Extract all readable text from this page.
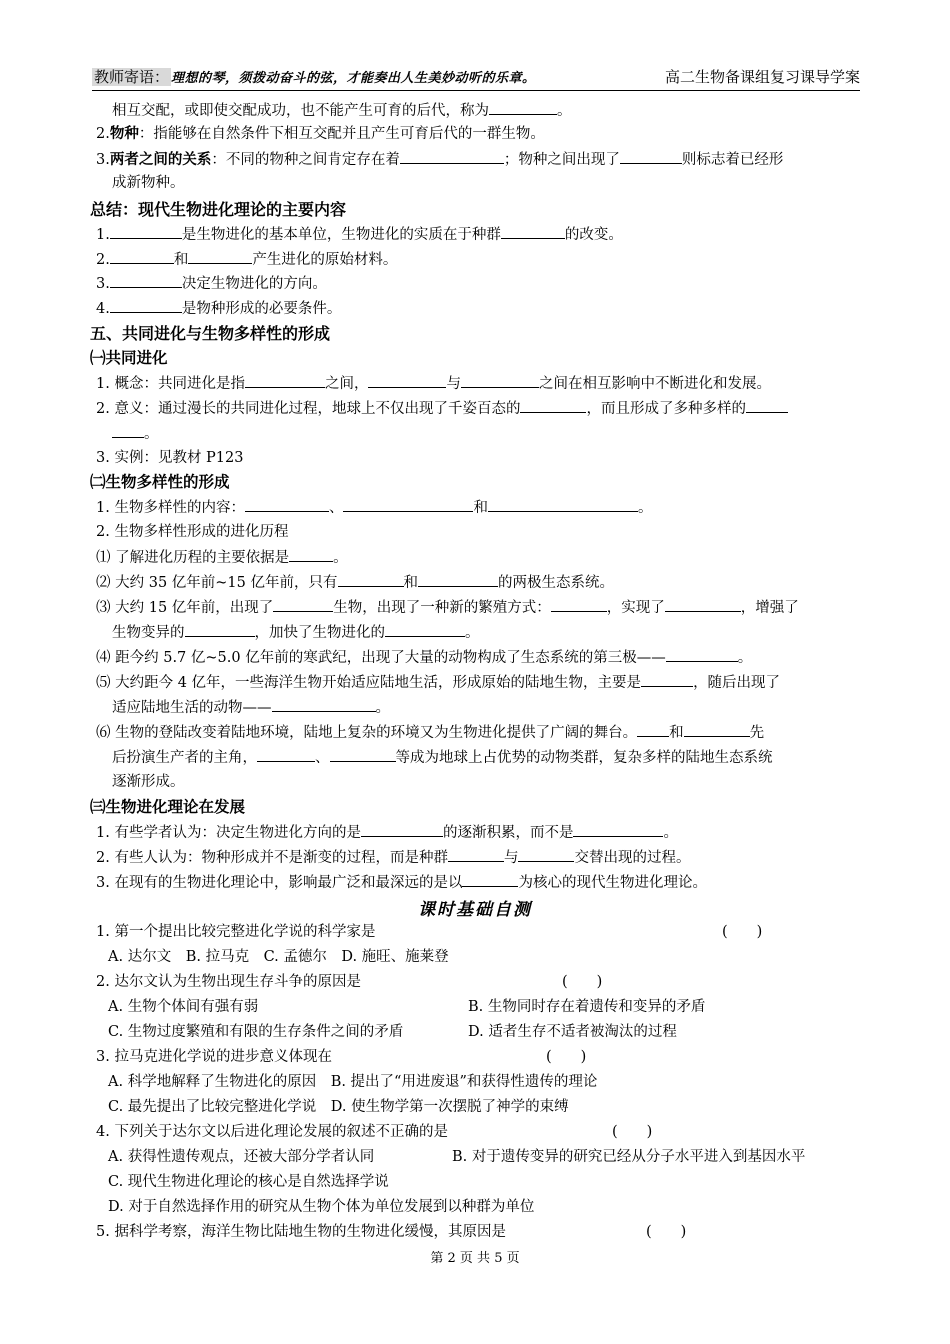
教师寄语： 理想的琴，须拨动奋斗的弦，才能奏出人生美妙动听的乐章。	高二生物备课组复习课导学案
相互交配，或即使交配成功，也不能产生可育的后代，称为	。
2.物种：指能够在自然条件下相互交配并且产生可育后代的一群生物。
3.两者之间的关系：不同的物种之间肯定存在着	；物种之间出现了	则标志着已经形
成新物种。
总结：现代生物进化理论的主要内容
1.	是生物进化的基本单位，生物进化的实质在于种群	的改变。
2.	和	产生进化的原始材料。
3.	决定生物进化的方向。
4.	是物种形成的必要条件。
五、共同进化与生物多样性的形成
㈠共同进化
1. 概念：共同进化是指	之间，	与	之间在相互影响中不断进化和发展。
2. 意义：通过漫长的共同进化过程，地球上不仅出现了千姿百态的	，而且形成了多种多样的
。
3. 实例：见教材 P123
㈡生物多样性的形成
1. 生物多样性的内容：	、	和	。
2. 生物多样性形成的进化历程
⑴ 了解进化历程的主要依据是	。
⑵ 大约 35 亿年前~15 亿年前，只有	和	的两极生态系统。
⑶ 大约 15 亿年前，出现了	生物，出现了一种新的繁殖方式：	，实现了	，增强了
生物变异的	，加快了生物进化的	。
⑷ 距今约 5.7 亿~5.0 亿年前的寒武纪，出现了大量的动物构成了生态系统的第三极——	。
⑸ 大约距今 4 亿年，一些海洋生物开始适应陆地生活，形成原始的陆地生物，主要是	，随后出现了
适应陆地生活的动物——	。
⑹ 生物的登陆改变着陆地环境，陆地上复杂的环境又为生物进化提供了广阔的舞台。 和	先
后扮演生产者的主角，	、	等成为地球上占优势的动物类群，复杂多样的陆地生态系统
逐渐形成。
㈢生物进化理论在发展
1. 有些学者认为：决定生物进化方向的是	的逐渐积累，而不是	。
2. 有些人认为：物种形成并不是渐变的过程，而是种群	与	交替出现的过程。
3. 在现有的生物进化理论中，影响最广泛和最深远的是以	为核心的现代生物进化理论。
课时基础自测
1. 第一个提出比较完整进化学说的科学家是	(　　)
A. 达尔文　B. 拉马克　C. 孟德尔　D. 施旺、施莱登
2. 达尔文认为生物出现生存斗争的原因是	(　　)
A. 生物个体间有强有弱	B. 生物同时存在着遗传和变异的矛盾
C. 生物过度繁殖和有限的生存条件之间的矛盾	D. 适者生存不适者被淘汰的过程
3. 拉马克进化学说的进步意义体现在	(　　)
A. 科学地解释了生物进化的原因　B. 提出了“用进废退”和获得性遗传的理论
C. 最先提出了比较完整进化学说　D. 使生物学第一次摆脱了神学的束缚
4. 下列关于达尔文以后进化理论发展的叙述不正确的是	(　　)
A. 获得性遗传观点，还被大部分学者认同	B. 对于遗传变异的研究已经从分子水平进入到基因水平
C. 现代生物进化理论的核心是自然选择学说
D. 对于自然选择作用的研究从生物个体为单位发展到以种群为单位
5. 据科学考察，海洋生物比陆地生物的生物进化缓慢，其原因是	(　　)
第 2 页 共 5 页
